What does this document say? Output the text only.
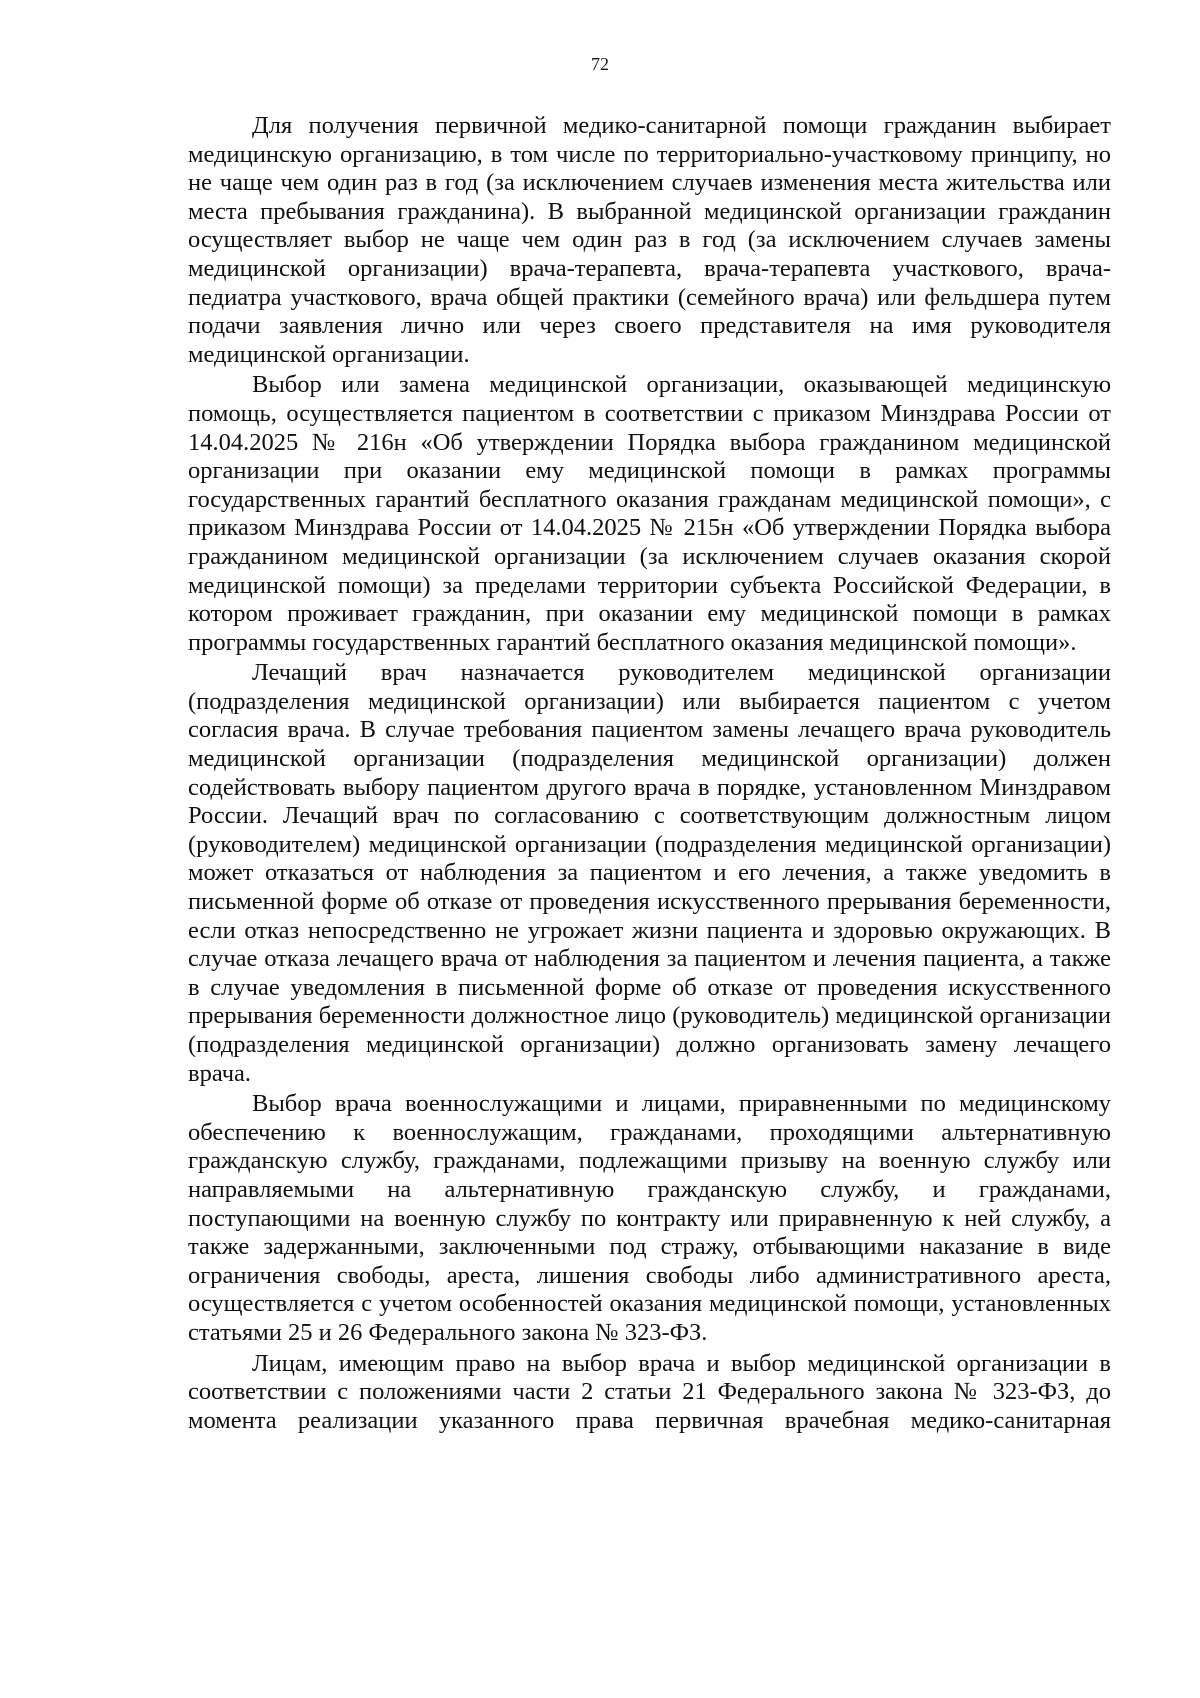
72

Для получения первичной медико-санитарной помощи гражданин выбирает медицинскую организацию, в том числе по территориально-участковому принципу, но не чаще чем один раз в год (за исключением случаев изменения места жительства или места пребывания гражданина). В выбранной медицинской организации гражданин осуществляет выбор не чаще чем один раз в год (за исключением случаев замены медицинской организации) врача-терапевта, врача-терапевта участкового, врача-педиатра участкового, врача общей практики (семейного врача) или фельдшера путем подачи заявления лично или через своего представителя на имя руководителя медицинской организации.

Выбор или замена медицинской организации, оказывающей медицинскую помощь, осуществляется пациентом в соответствии с приказом Минздрава России от 14.04.2025 № 216н «Об утверждении Порядка выбора гражданином медицинской организации при оказании ему медицинской помощи в рамках программы государственных гарантий бесплатного оказания гражданам медицинской помощи», с приказом Минздрава России от 14.04.2025 № 215н «Об утверждении Порядка выбора гражданином медицинской организации (за исключением случаев оказания скорой медицинской помощи) за пределами территории субъекта Российской Федерации, в котором проживает гражданин, при оказании ему медицинской помощи в рамках программы государственных гарантий бесплатного оказания медицинской помощи».

Лечащий врач назначается руководителем медицинской организации (подразделения медицинской организации) или выбирается пациентом с учетом согласия врача. В случае требования пациентом замены лечащего врача руководитель медицинской организации (подразделения медицинской организации) должен содействовать выбору пациентом другого врача в порядке, установленном Минздравом России. Лечащий врач по согласованию с соответствующим должностным лицом (руководителем) медицинской организации (подразделения медицинской организации) может отказаться от наблюдения за пациентом и его лечения, а также уведомить в письменной форме об отказе от проведения искусственного прерывания беременности, если отказ непосредственно не угрожает жизни пациента и здоровью окружающих. В случае отказа лечащего врача от наблюдения за пациентом и лечения пациента, а также в случае уведомления в письменной форме об отказе от проведения искусственного прерывания беременности должностное лицо (руководитель) медицинской организации (подразделения медицинской организации) должно организовать замену лечащего врача.

Выбор врача военнослужащими и лицами, приравненными по медицинскому обеспечению к военнослужащим, гражданами, проходящими альтернативную гражданскую службу, гражданами, подлежащими призыву на военную службу или направляемыми на альтернативную гражданскую службу, и гражданами, поступающими на военную службу по контракту или приравненную к ней службу, а также задержанными, заключенными под стражу, отбывающими наказание в виде ограничения свободы, ареста, лишения свободы либо административного ареста, осуществляется с учетом особенностей оказания медицинской помощи, установленных статьями 25 и 26 Федерального закона № 323-ФЗ.

Лицам, имеющим право на выбор врача и выбор медицинской организации в соответствии с положениями части 2 статьи 21 Федерального закона № 323-ФЗ, до момента реализации указанного права первичная врачебная медико-санитарная
